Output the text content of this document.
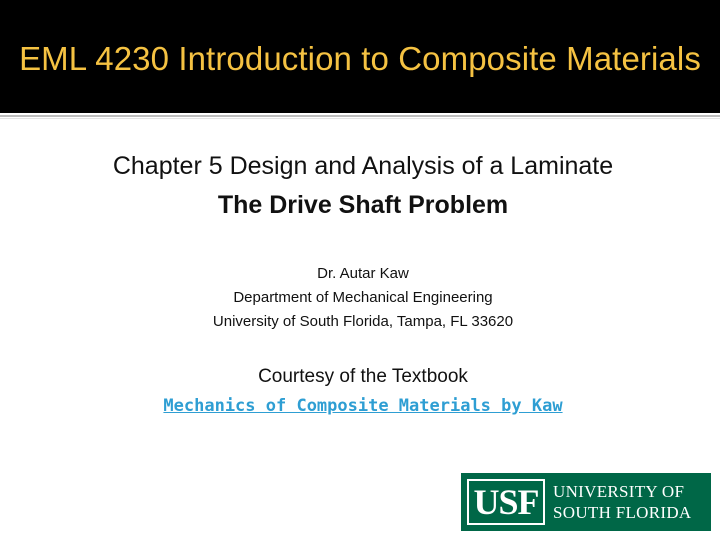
EML 4230 Introduction to Composite Materials
Chapter 5 Design and Analysis of a Laminate
The Drive Shaft Problem
Dr. Autar Kaw
Department of Mechanical Engineering
University of South Florida, Tampa, FL 33620
Courtesy of the Textbook
Mechanics of Composite Materials by Kaw
USF UNIVERSITY OF
SOUTH FLORIDA
